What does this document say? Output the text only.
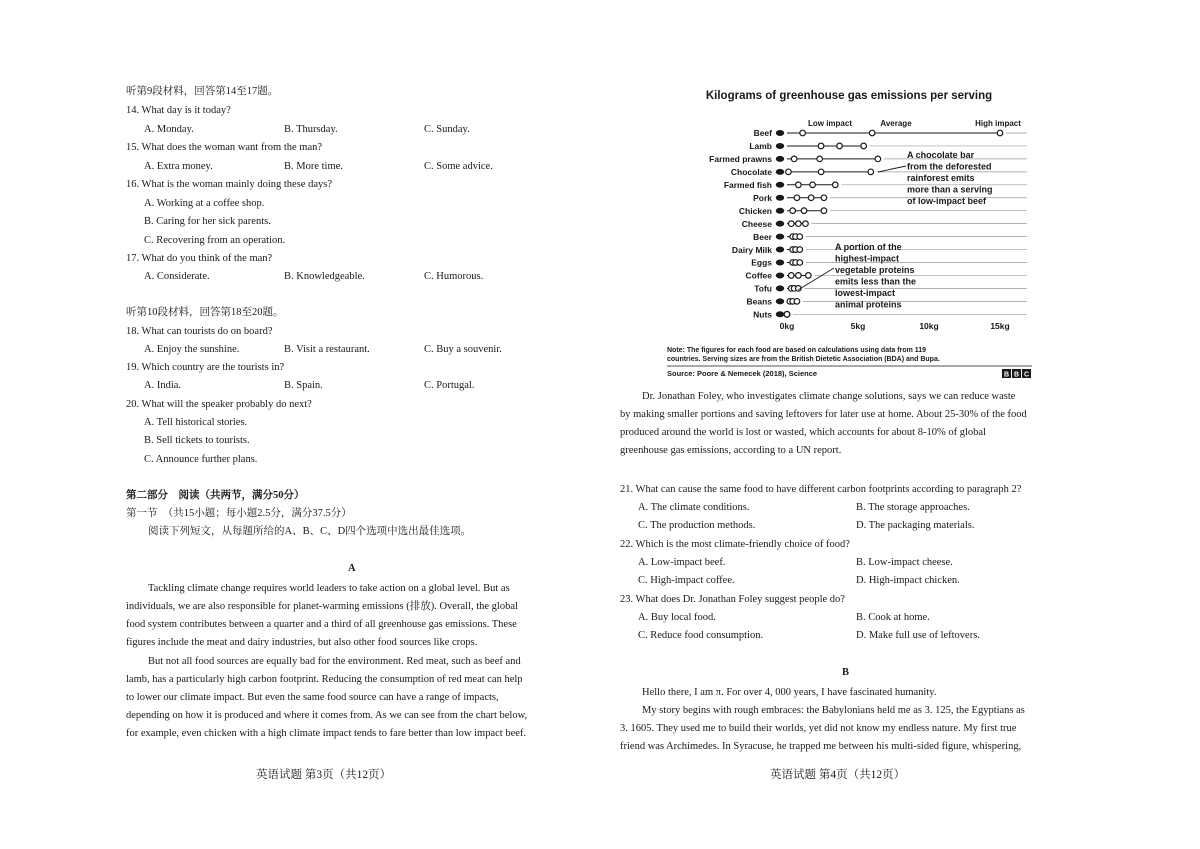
听第9段材料，回答第14至17题。
14. What day is it today?
A. Monday.	B. Thursday.	C. Sunday.
15. What does the woman want from the man?
A. Extra money.	B. More time.	C. Some advice.
16. What is the woman mainly doing these days?
A. Working at a coffee shop.
B. Caring for her sick parents.
C. Recovering from an operation.
17. What do you think of the man?
A. Considerate.	B. Knowledgeable.	C. Humorous.
听第10段材料，回答第18至20题。
18. What can tourists do on board?
A. Enjoy the sunshine.	B. Visit a restaurant.	C. Buy a souvenir.
19. Which country are the tourists in?
A. India.	B. Spain.	C. Portugal.
20. What will the speaker probably do next?
A. Tell historical stories.
B. Sell tickets to tourists.
C. Announce further plans.
第二部分　阅读（共两节，满分50分）
第一节　（共15小题；每小题2.5分，满分37.5分）
阅读下列短文，从每题所给的A、B、C、D四个选项中选出最佳选项。
A
Tackling climate change requires world leaders to take action on a global level. But as
individuals, we are also responsible for planet-warming emissions (排放). Overall, the global
food system contributes between a quarter and a third of all greenhouse gas emissions. These
figures include the meat and dairy industries, but also other food sources like crops.
But not all food sources are equally bad for the environment. Red meat, such as beef and
lamb, has a particularly high carbon footprint. Reducing the consumption of red meat can help
to lower our climate impact. But even the same food source can have a range of impacts,
depending on how it is produced and where it comes from. As we can see from the chart below,
for example, even chicken with a high climate impact tends to fare better than low impact beef.
英语试题 第3页（共12页）
Kilograms of greenhouse gas emissions per serving
Low impact	Average	High impact
Beef
Lamb
Farmed prawns
Chocolate
Farmed fish
Pork
Chicken
Cheese
Beer
Dairy Milk
Eggs
Coffee
Tofu
Beans
Nuts
0kg	5kg	10kg	15kg
A chocolate bar
from the deforested
rainforest emits
more than a serving
of low-impact beef
A portion of the
highest-impact
vegetable proteins
emits less than the
lowest-impact
animal proteins
Note: The figures for each food are based on calculations using data from 119
countries. Serving sizes are from the British Dietetic Association (BDA) and Bupa.
Source: Poore & Nemecek (2018), Science	B B C
Dr. Jonathan Foley, who investigates climate change solutions, says we can reduce waste
by making smaller portions and saving leftovers for later use at home. About 25-30% of the food
produced around the world is lost or wasted, which accounts for about 8-10% of global
greenhouse gas emissions, according to a UN report.
21. What can cause the same food to have different carbon footprints according to paragraph 2?
A. The climate conditions.	B. The storage approaches.
C. The production methods.	D. The packaging materials.
22. Which is the most climate-friendly choice of food?
A. Low-impact beef.	B. Low-impact cheese.
C. High-impact coffee.	D. High-impact chicken.
23. What does Dr. Jonathan Foley suggest people do?
A. Buy local food.	B. Cook at home.
C. Reduce food consumption.	D. Make full use of leftovers.
B
Hello there, I am π. For over 4, 000 years, I have fascinated humanity.
My story begins with rough embraces: the Babylonians held me as 3. 125, the Egyptians as
3. 1605. They used me to build their worlds, yet did not know my endless nature. My first true
friend was Archimedes. In Syracuse, he trapped me between his multi-sided figure, whispering,
英语试题 第4页（共12页）
